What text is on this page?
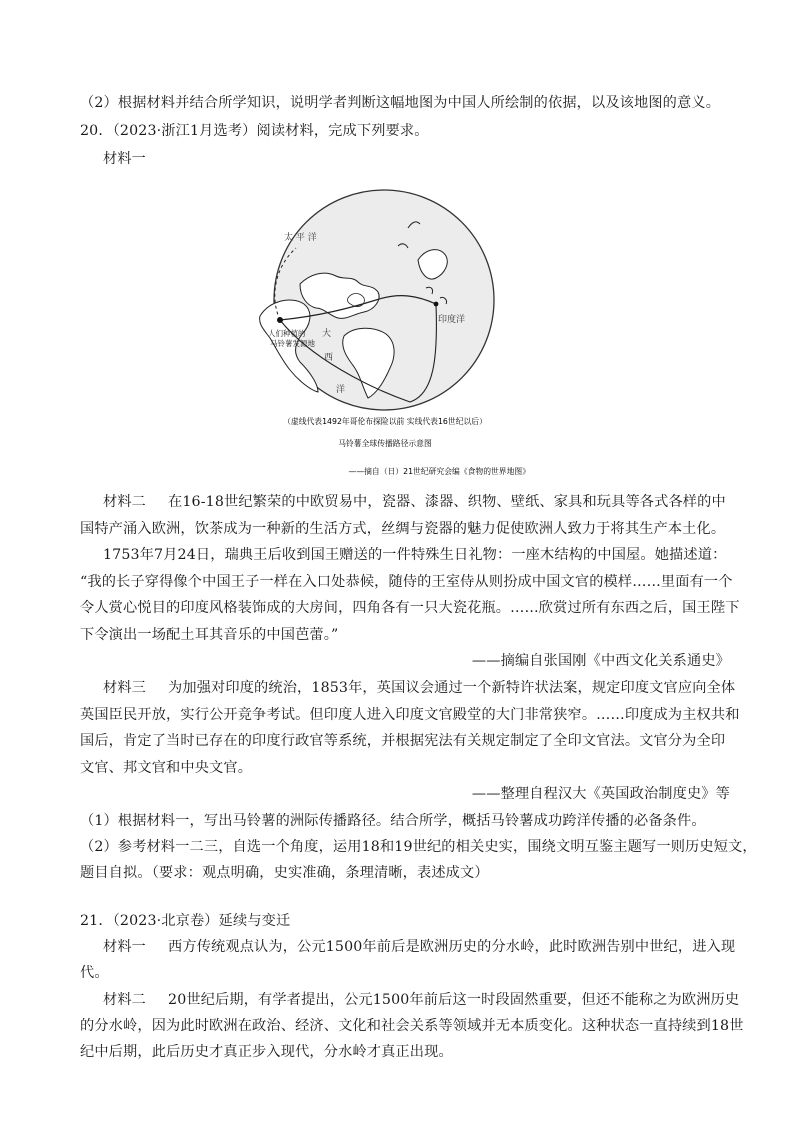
（2）根据材料并结合所学知识，说明学者判断这幅地图为中国人所绘制的依据，以及该地图的意义。
20．（2023·浙江1月选考）阅读材料，完成下列要求。
材料一
太 平 洋
印度洋
大
西
洋
人们种植的
马铃薯发源地
（虚线代表1492年哥伦布探险以前 实线代表16世纪以后）
马铃薯全球传播路径示意图
——摘自（日）21世纪研究会编《食物的世界地图》
材料二 在16-18世纪繁荣的中欧贸易中，瓷器、漆器、织物、壁纸、家具和玩具等各式各样的中
国特产涌入欧洲，饮茶成为一种新的生活方式，丝绸与瓷器的魅力促使欧洲人致力于将其生产本土化。
1753年7月24日，瑞典王后收到国王赠送的一件特殊生日礼物：一座木结构的中国屋。她描述道：
“我的长子穿得像个中国王子一样在入口处恭候，随侍的王室侍从则扮成中国文官的模样……里面有一个
令人赏心悦目的印度风格装饰成的大房间，四角各有一只大瓷花瓶。……欣赏过所有东西之后，国王陛下
下令演出一场配土耳其音乐的中国芭蕾。”
——摘编自张国刚《中西文化关系通史》
材料三 为加强对印度的统治，1853年，英国议会通过一个新特许状法案，规定印度文官应向全体
英国臣民开放，实行公开竞争考试。但印度人进入印度文官殿堂的大门非常狭窄。……印度成为主权共和
国后，肯定了当时已存在的印度行政官等系统，并根据宪法有关规定制定了全印文官法。文官分为全印
文官、邦文官和中央文官。
——整理自程汉大《英国政治制度史》等
（1）根据材料一，写出马铃薯的洲际传播路径。结合所学，概括马铃薯成功跨洋传播的必备条件。
（2）参考材料一二三，自选一个角度，运用18和19世纪的相关史实，围绕文明互鉴主题写一则历史短文，
题目自拟。（要求：观点明确，史实准确，条理清晰，表述成文）
21．（2023·北京卷）延续与变迁
材料一 西方传统观点认为，公元1500年前后是欧洲历史的分水岭，此时欧洲告别中世纪，进入现
代。
材料二 20世纪后期，有学者提出，公元1500年前后这一时段固然重要，但还不能称之为欧洲历史
的分水岭，因为此时欧洲在政治、经济、文化和社会关系等领域并无本质变化。这种状态一直持续到18世
纪中后期，此后历史才真正步入现代，分水岭才真正出现。
